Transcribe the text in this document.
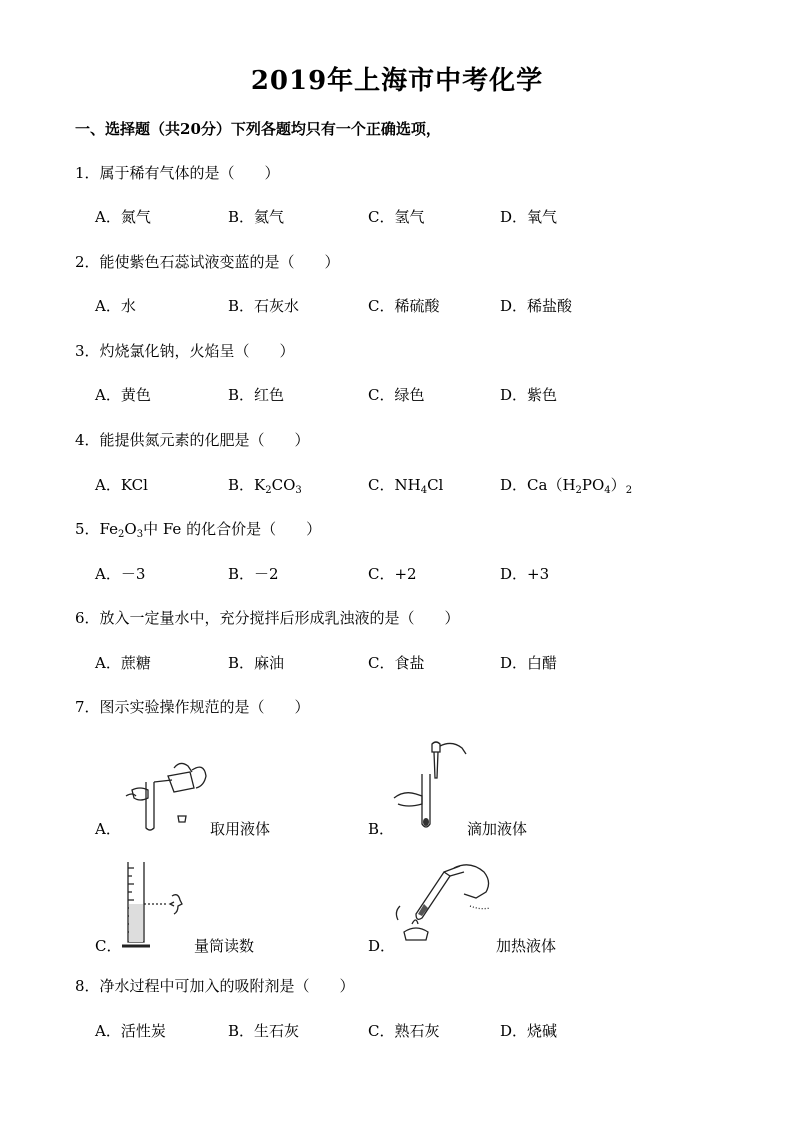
2019年上海市中考化学
一、选择题（共20分）下列各题均只有一个正确选项，
1．属于稀有气体的是（　　）
A．氮气	B．氦气	C．氢气	D．氧气
2．能使紫色石蕊试液变蓝的是（　　）
A．水	B．石灰水	C．稀硫酸	D．稀盐酸
3．灼烧氯化钠，火焰呈（　　）
A．黄色	B．红色	C．绿色	D．紫色
4．能提供氮元素的化肥是（　　）
A．KCl	B．$K_2CO_3$	C．$NH_4Cl$	D．$Ca(H_2PO_4)_2$
5．$Fe_2O_3$中 Fe 的化合价是（　　）
A．－3	B．－2	C．+2	D．+3
6．放入一定量水中，充分搅拌后形成乳浊液的是（　　）
A．蔗糖	B．麻油	C．食盐	D．白醋
7．图示实验操作规范的是（　　）
A．	取用液体	B．	滴加液体
C．	量筒读数	D．	加热液体
8．净水过程中可加入的吸附剂是（　　）
A．活性炭	B．生石灰	C．熟石灰	D．烧碱
